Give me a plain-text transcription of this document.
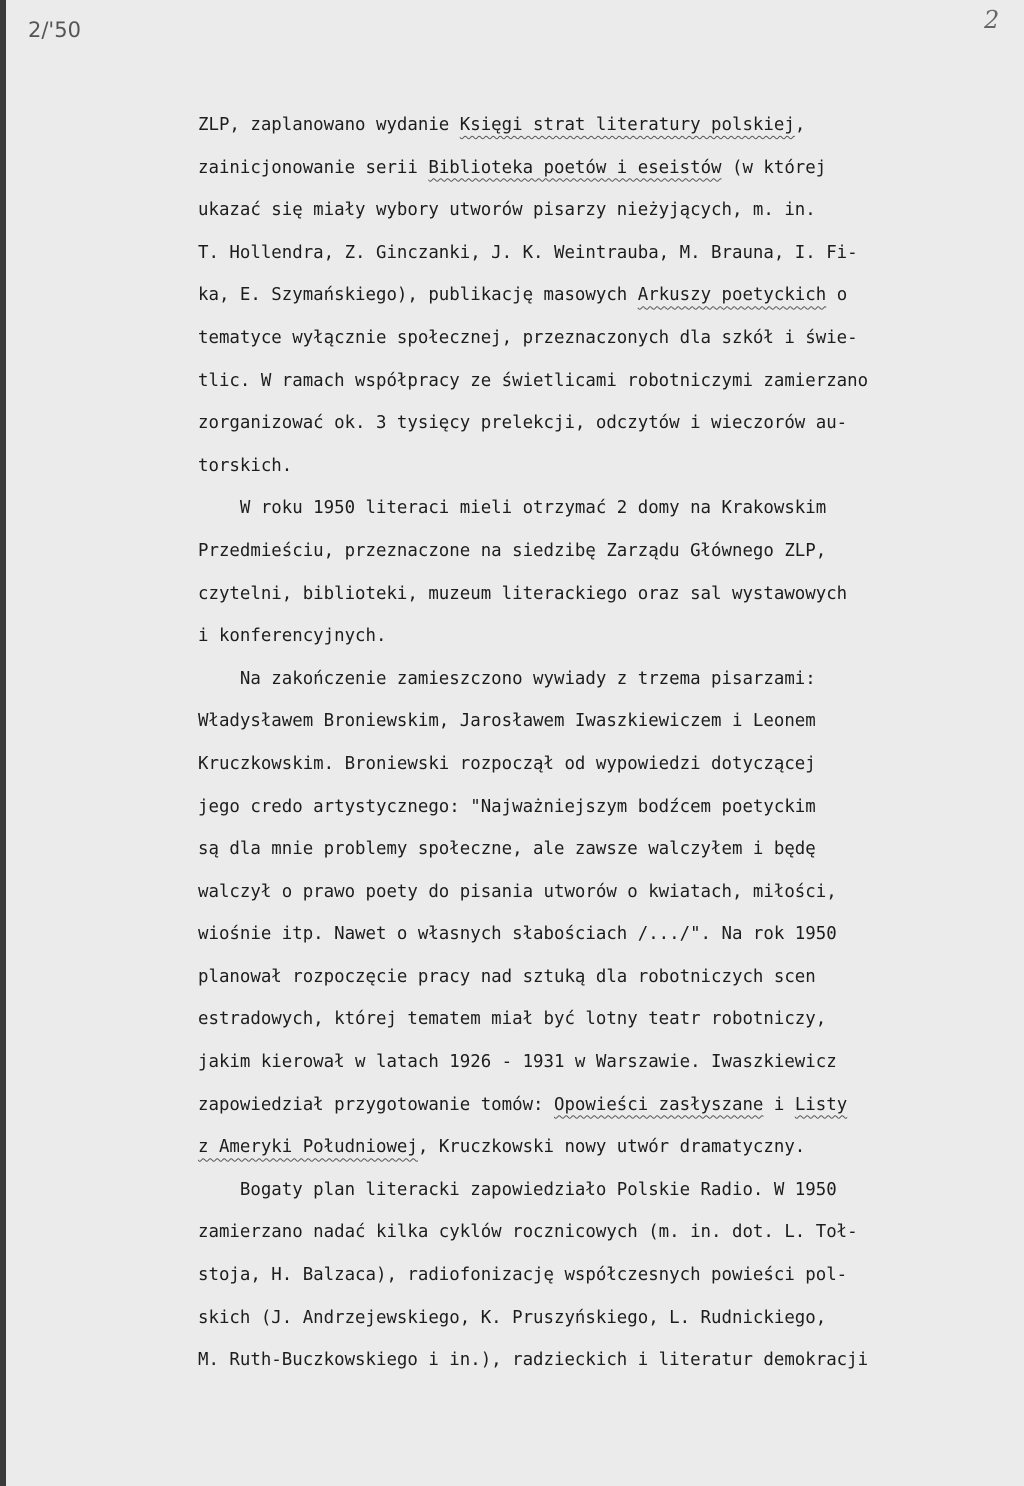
2/'50	2
ZLP, zaplanowano wydanie Księgi strat literatury polskiej,
zainicjonowanie serii Biblioteka poetów i eseistów (w której
ukazać się miały wybory utworów pisarzy nieżyjących, m. in.
T. Hollendra, Z. Ginczanki, J. K. Weintrauba, M. Brauna, I. Fi-
ka, E. Szymańskiego), publikację masowych Arkuszy poetyckich o
tematyce wyłącznie społecznej, przeznaczonych dla szkół i świe-
tlic. W ramach współpracy ze świetlicami robotniczymi zamierzano
zorganizować ok. 3 tysięcy prelekcji, odczytów i wieczorów au-
torskich.
W roku 1950 literaci mieli otrzymać 2 domy na Krakowskim
Przedmieściu, przeznaczone na siedzibę Zarządu Głównego ZLP,
czytelni, biblioteki, muzeum literackiego oraz sal wystawowych
i konferencyjnych.
Na zakończenie zamieszczono wywiady z trzema pisarzami:
Władysławem Broniewskim, Jarosławem Iwaszkiewiczem i Leonem
Kruczkowskim. Broniewski rozpoczął od wypowiedzi dotyczącej
jego credo artystycznego: "Najważniejszym bodźcem poetyckim
są dla mnie problemy społeczne, ale zawsze walczyłem i będę
walczył o prawo poety do pisania utworów o kwiatach, miłości,
wiośnie itp. Nawet o własnych słabościach /.../". Na rok 1950
planował rozpoczęcie pracy nad sztuką dla robotniczych scen
estradowych, której tematem miał być lotny teatr robotniczy,
jakim kierował w latach 1926 - 1931 w Warszawie. Iwaszkiewicz
zapowiedział przygotowanie tomów: Opowieści zasłyszane i Listy
z Ameryki Południowej, Kruczkowski nowy utwór dramatyczny.
Bogaty plan literacki zapowiedziało Polskie Radio. W 1950
zamierzano nadać kilka cyklów rocznicowych (m. in. dot. L. Toł-
stoja, H. Balzaca), radiofonizację współczesnych powieści pol-
skich (J. Andrzejewskiego, K. Pruszyńskiego, L. Rudnickiego,
M. Ruth-Buczkowskiego i in.), radzieckich i literatur demokracji
